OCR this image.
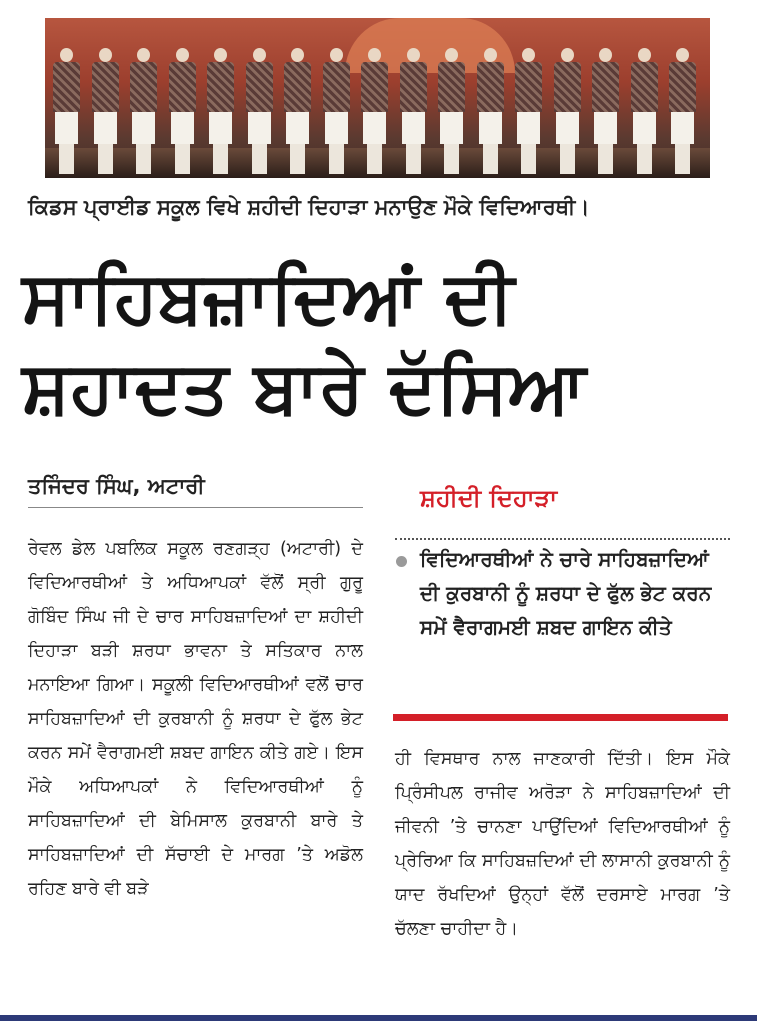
ਕਿਡਸ ਪ੍ਰਾਈਡ ਸਕੂਲ ਵਿਖੇ ਸ਼ਹੀਦੀ ਦਿਹਾੜਾ ਮਨਾਉਣ ਮੌਕੇ ਵਿਦਿਆਰਥੀ।
ਸਾਹਿਬਜ਼ਾਦਿਆਂ ਦੀ
ਸ਼ਹਾਦਤ ਬਾਰੇ ਦੱਸਿਆ
ਤਜਿੰਦਰ ਸਿੰਘ, ਅਟਾਰੀ
ਰੇਵਲ ਡੇਲ ਪਬਲਿਕ ਸਕੂਲ ਰਣਗੜ੍ਹ (ਅਟਾਰੀ) ਦੇ ਵਿਦਿਆਰਥੀਆਂ ਤੇ ਅਧਿਆਪਕਾਂ ਵੱਲੋਂ ਸ੍ਰੀ ਗੁਰੂ ਗੋਬਿੰਦ ਸਿੰਘ ਜੀ ਦੇ ਚਾਰ ਸਾਹਿਬਜ਼ਾਦਿਆਂ ਦਾ ਸ਼ਹੀਦੀ ਦਿਹਾੜਾ ਬੜੀ ਸ਼ਰਧਾ ਭਾਵਨਾ ਤੇ ਸਤਿਕਾਰ ਨਾਲ ਮਨਾਇਆ ਗਿਆ। ਸਕੂਲੀ ਵਿਦਿਆਰਥੀਆਂ ਵਲੋਂ ਚਾਰ ਸਾਹਿਬਜ਼ਾਦਿਆਂ ਦੀ ਕੁਰਬਾਨੀ ਨੂੰ ਸ਼ਰਧਾ ਦੇ ਫੁੱਲ ਭੇਟ ਕਰਨ ਸਮੇਂ ਵੈਰਾਗਮਈ ਸ਼ਬਦ ਗਾਇਨ ਕੀਤੇ ਗਏ। ਇਸ ਮੌਕੇ ਅਧਿਆਪਕਾਂ ਨੇ ਵਿਦਿਆਰਥੀਆਂ ਨੂੰ ਸਾਹਿਬਜ਼ਾਦਿਆਂ ਦੀ ਬੇਮਿਸਾਲ ਕੁਰਬਾਨੀ ਬਾਰੇ ਤੇ ਸਾਹਿਬਜ਼ਾਦਿਆਂ ਦੀ ਸੱਚਾਈ ਦੇ ਮਾਰਗ ’ਤੇ ਅਡੋਲ ਰਹਿਣ ਬਾਰੇ ਵੀ ਬੜੇ
ਸ਼ਹੀਦੀ ਦਿਹਾੜਾ
ਵਿਦਿਆਰਥੀਆਂ ਨੇ ਚਾਰੇ ਸਾਹਿਬਜ਼ਾਦਿਆਂ ਦੀ ਕੁਰਬਾਨੀ ਨੂੰ ਸ਼ਰਧਾ ਦੇ ਫੁੱਲ ਭੇਟ ਕਰਨ ਸਮੇਂ ਵੈਰਾਗਮਈ ਸ਼ਬਦ ਗਾਇਨ ਕੀਤੇ
ਹੀ ਵਿਸਥਾਰ ਨਾਲ ਜਾਣਕਾਰੀ ਦਿੱਤੀ। ਇਸ ਮੌਕੇ ਪ੍ਰਿੰਸੀਪਲ ਰਾਜੀਵ ਅਰੋੜਾ ਨੇ ਸਾਹਿਬਜ਼ਾਦਿਆਂ ਦੀ ਜੀਵਨੀ ’ਤੇ ਚਾਨਣਾ ਪਾਉਂਦਿਆਂ ਵਿਦਿਆਰਥੀਆਂ ਨੂੰ ਪ੍ਰੇਰਿਆ ਕਿ ਸਾਹਿਬਜ਼ਦਿਆਂ ਦੀ ਲਾਸਾਨੀ ਕੁਰਬਾਨੀ ਨੂੰ ਯਾਦ ਰੱਖਦਿਆਂ ਉਨ੍ਹਾਂ ਵੱਲੋਂ ਦਰਸਾਏ ਮਾਰਗ ’ਤੇ ਚੱਲਣਾ ਚਾਹੀਦਾ ਹੈ।
